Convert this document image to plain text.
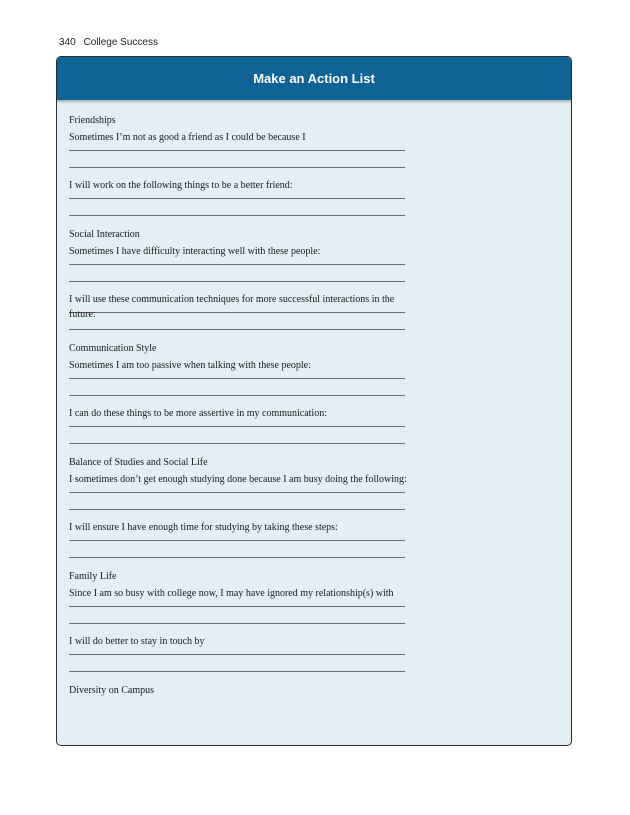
340 College Success
Make an Action List

Friendships

Sometimes I’m not as good a friend as I could be because I

I will work on the following things to be a better friend:

Social Interaction

Sometimes I have difficulty interacting well with these people:

I will use these communication techniques for more successful interactions in the future:

Communication Style

Sometimes I am too passive when talking with these people:

I can do these things to be more assertive in my communication:

Balance of Studies and Social Life

I sometimes don’t get enough studying done because I am busy doing the following:

I will ensure I have enough time for studying by taking these steps:

Family Life

Since I am so busy with college now, I may have ignored my relationship(s) with

I will do better to stay in touch by

Diversity on Campus
